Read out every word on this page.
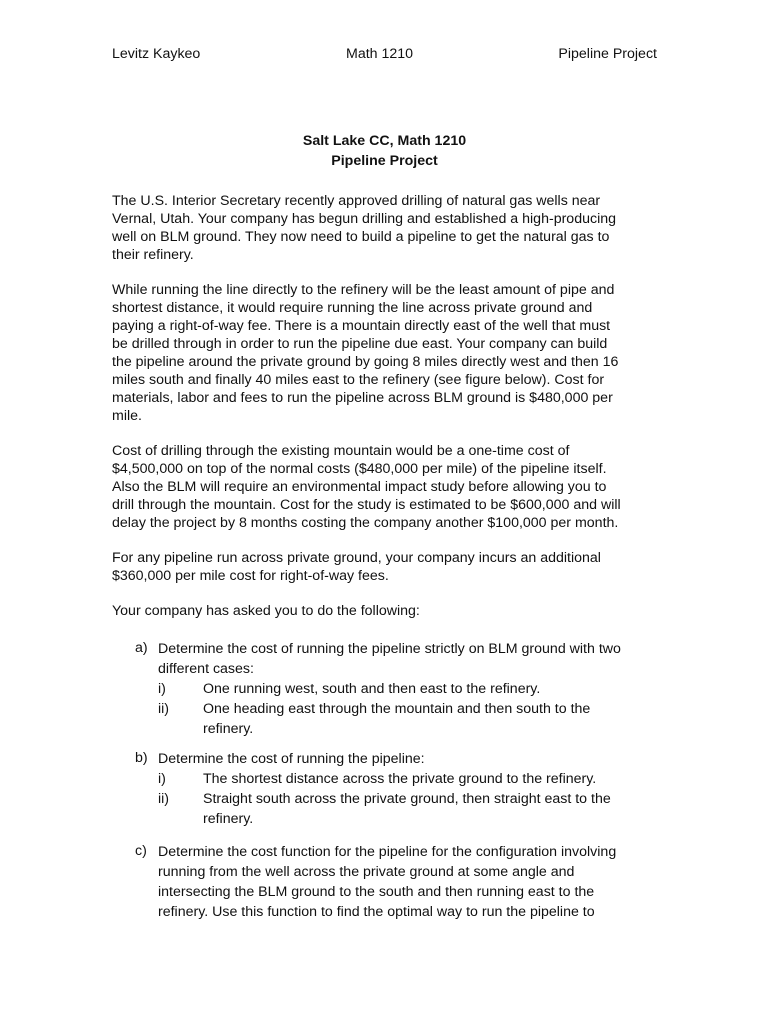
Levitz Kaykeo	Math 1210	Pipeline Project
Salt Lake CC, Math 1210
Pipeline Project
The U.S. Interior Secretary recently approved drilling of natural gas wells near
Vernal, Utah. Your company has begun drilling and established a high-producing
well on BLM ground. They now need to build a pipeline to get the natural gas to
their refinery.
While running the line directly to the refinery will be the least amount of pipe and
shortest distance, it would require running the line across private ground and
paying a right-of-way fee. There is a mountain directly east of the well that must
be drilled through in order to run the pipeline due east. Your company can build
the pipeline around the private ground by going 8 miles directly west and then 16
miles south and finally 40 miles east to the refinery (see figure below). Cost for
materials, labor and fees to run the pipeline across BLM ground is $480,000 per
mile.
Cost of drilling through the existing mountain would be a one-time cost of
$4,500,000 on top of the normal costs ($480,000 per mile) of the pipeline itself.
Also the BLM will require an environmental impact study before allowing you to
drill through the mountain. Cost for the study is estimated to be $600,000 and will
delay the project by 8 months costing the company another $100,000 per month.
For any pipeline run across private ground, your company incurs an additional
$360,000 per mile cost for right-of-way fees.
Your company has asked you to do the following:
a) Determine the cost of running the pipeline strictly on BLM ground with two
different cases:
i)	One running west, south and then east to the refinery.
ii) One heading east through the mountain and then south to the
refinery.
b) Determine the cost of running the pipeline:
i)	The shortest distance across the private ground to the refinery.
ii) Straight south across the private ground, then straight east to the
refinery.
c) Determine the cost function for the pipeline for the configuration involving
running from the well across the private ground at some angle and
intersecting the BLM ground to the south and then running east to the
refinery. Use this function to find the optimal way to run the pipeline to
